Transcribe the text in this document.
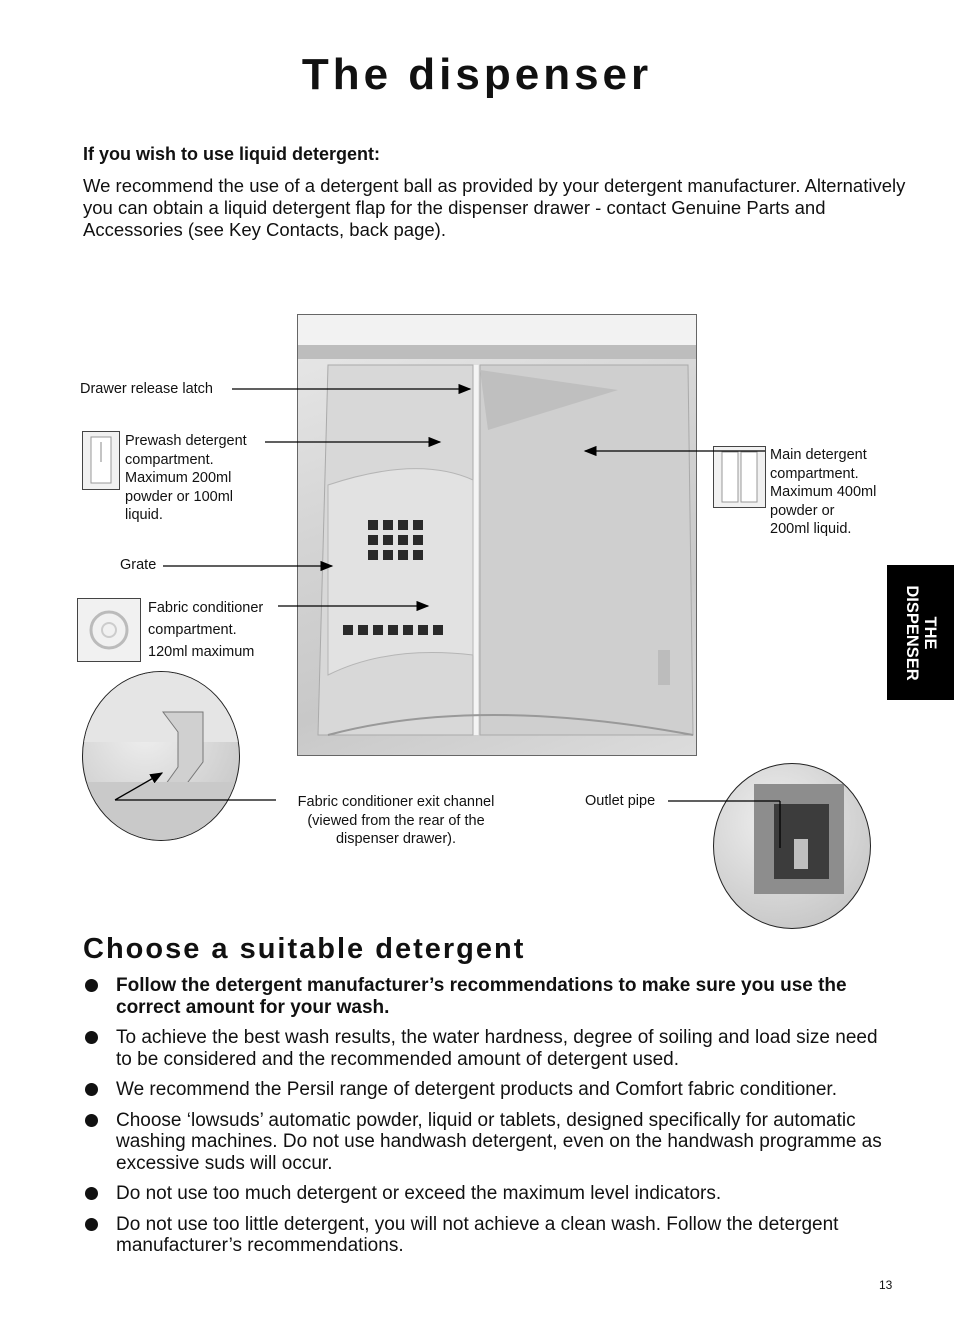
The dispenser
If you wish to use liquid detergent:
We recommend the use of a detergent ball as provided by your detergent manufacturer. Alternatively you can obtain a liquid detergent flap for the dispenser drawer - contact Genuine Parts and Accessories (see Key Contacts, back page).
Drawer release latch
Prewash detergent
compartment.
Maximum 200ml
powder or 100ml
liquid.
Main detergent
compartment.
Maximum 400ml
powder or
200ml liquid.
Grate
Fabric conditioner
compartment.
120ml maximum
Fabric conditioner exit channel
(viewed from the rear of the
dispenser drawer).
Outlet pipe
THE
DISPENSER
Choose a suitable detergent
Follow the detergent manufacturer’s recommendations to make sure you use the correct amount for your wash.
To achieve the best wash results, the water hardness, degree of soiling and load size need to be considered and the recommended amount of detergent used.
We recommend the Persil range of detergent products and Comfort fabric conditioner.
Choose ‘lowsuds’ automatic powder, liquid or tablets, designed specifically for automatic washing machines. Do not use handwash detergent, even on the handwash programme as excessive suds will occur.
Do not use too much detergent or exceed the maximum level indicators.
Do not use too little detergent, you will not achieve a clean wash. Follow the detergent manufacturer’s recommendations.
13
